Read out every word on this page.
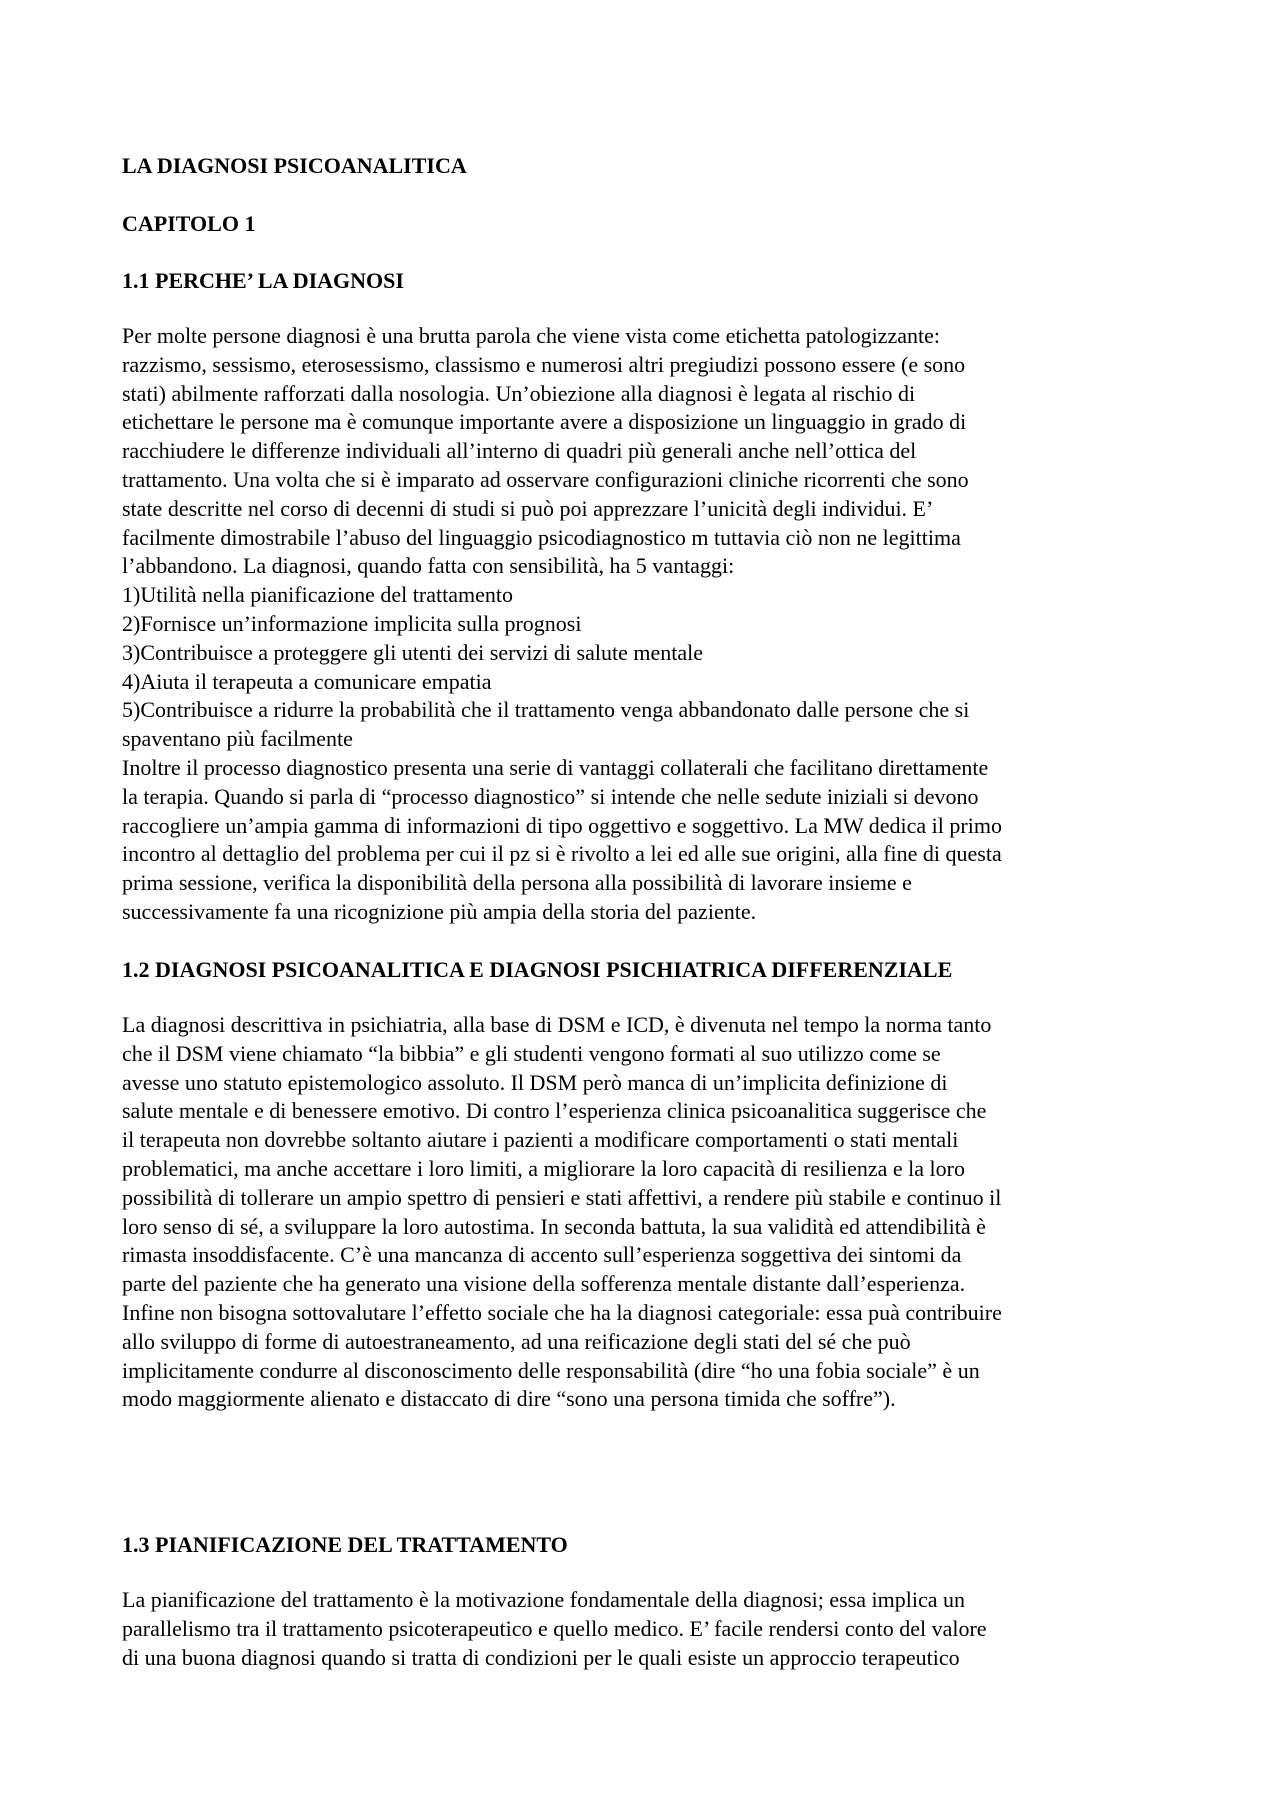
LA DIAGNOSI PSICOANALITICA
CAPITOLO 1
1.1 PERCHE’ LA DIAGNOSI
Per molte persone diagnosi è una brutta parola che viene vista come etichetta patologizzante:
razzismo, sessismo, eterosessismo, classismo e numerosi altri pregiudizi possono essere (e sono
stati) abilmente rafforzati dalla nosologia. Un’obiezione alla diagnosi è legata al rischio di
etichettare le persone ma è comunque importante avere a disposizione un linguaggio in grado di
racchiudere le differenze individuali all’interno di quadri più generali anche nell’ottica del
trattamento. Una volta che si è imparato ad osservare configurazioni cliniche ricorrenti che sono
state descritte nel corso di decenni di studi si può poi apprezzare l’unicità degli individui. E’
facilmente dimostrabile l’abuso del linguaggio psicodiagnostico m tuttavia ciò non ne legittima
l’abbandono. La diagnosi, quando fatta con sensibilità, ha 5 vantaggi:
1)Utilità nella pianificazione del trattamento
2)Fornisce un’informazione implicita sulla prognosi
3)Contribuisce a proteggere gli utenti dei servizi di salute mentale
4)Aiuta il terapeuta a comunicare empatia
5)Contribuisce a ridurre la probabilità che il trattamento venga abbandonato dalle persone che si
spaventano più facilmente
Inoltre il processo diagnostico presenta una serie di vantaggi collaterali che facilitano direttamente
la terapia. Quando si parla di “processo diagnostico” si intende che nelle sedute iniziali si devono
raccogliere un’ampia gamma di informazioni di tipo oggettivo e soggettivo. La MW dedica il primo
incontro al dettaglio del problema per cui il pz si è rivolto a lei ed alle sue origini, alla fine di questa
prima sessione, verifica la disponibilità della persona alla possibilità di lavorare insieme e
successivamente fa una ricognizione più ampia della storia del paziente.
1.2 DIAGNOSI PSICOANALITICA E DIAGNOSI PSICHIATRICA DIFFERENZIALE
La diagnosi descrittiva in psichiatria, alla base di DSM e ICD, è divenuta nel tempo la norma tanto
che il DSM viene chiamato “la bibbia” e gli studenti vengono formati al suo utilizzo come se
avesse uno statuto epistemologico assoluto. Il DSM però manca di un’implicita definizione di
salute mentale e di benessere emotivo. Di contro l’esperienza clinica psicoanalitica suggerisce che
il terapeuta non dovrebbe soltanto aiutare i pazienti a modificare comportamenti o stati mentali
problematici, ma anche accettare i loro limiti, a migliorare la loro capacità di resilienza e la loro
possibilità di tollerare un ampio spettro di pensieri e stati affettivi, a rendere più stabile e continuo il
loro senso di sé, a sviluppare la loro autostima. In seconda battuta, la sua validità ed attendibilità è
rimasta insoddisfacente. C’è una mancanza di accento sull’esperienza soggettiva dei sintomi da
parte del paziente che ha generato una visione della sofferenza mentale distante dall’esperienza.
Infine non bisogna sottovalutare l’effetto sociale che ha la diagnosi categoriale: essa puà contribuire
allo sviluppo di forme di autoestraneamento, ad una reificazione degli stati del sé che può
implicitamente condurre al disconoscimento delle responsabilità (dire “ho una fobia sociale” è un
modo maggiormente alienato e distaccato di dire “sono una persona timida che soffre”).
1.3 PIANIFICAZIONE DEL TRATTAMENTO
La pianificazione del trattamento è la motivazione fondamentale della diagnosi; essa implica un
parallelismo tra il trattamento psicoterapeutico e quello medico. E’ facile rendersi conto del valore
di una buona diagnosi quando si tratta di condizioni per le quali esiste un approccio terapeutico
